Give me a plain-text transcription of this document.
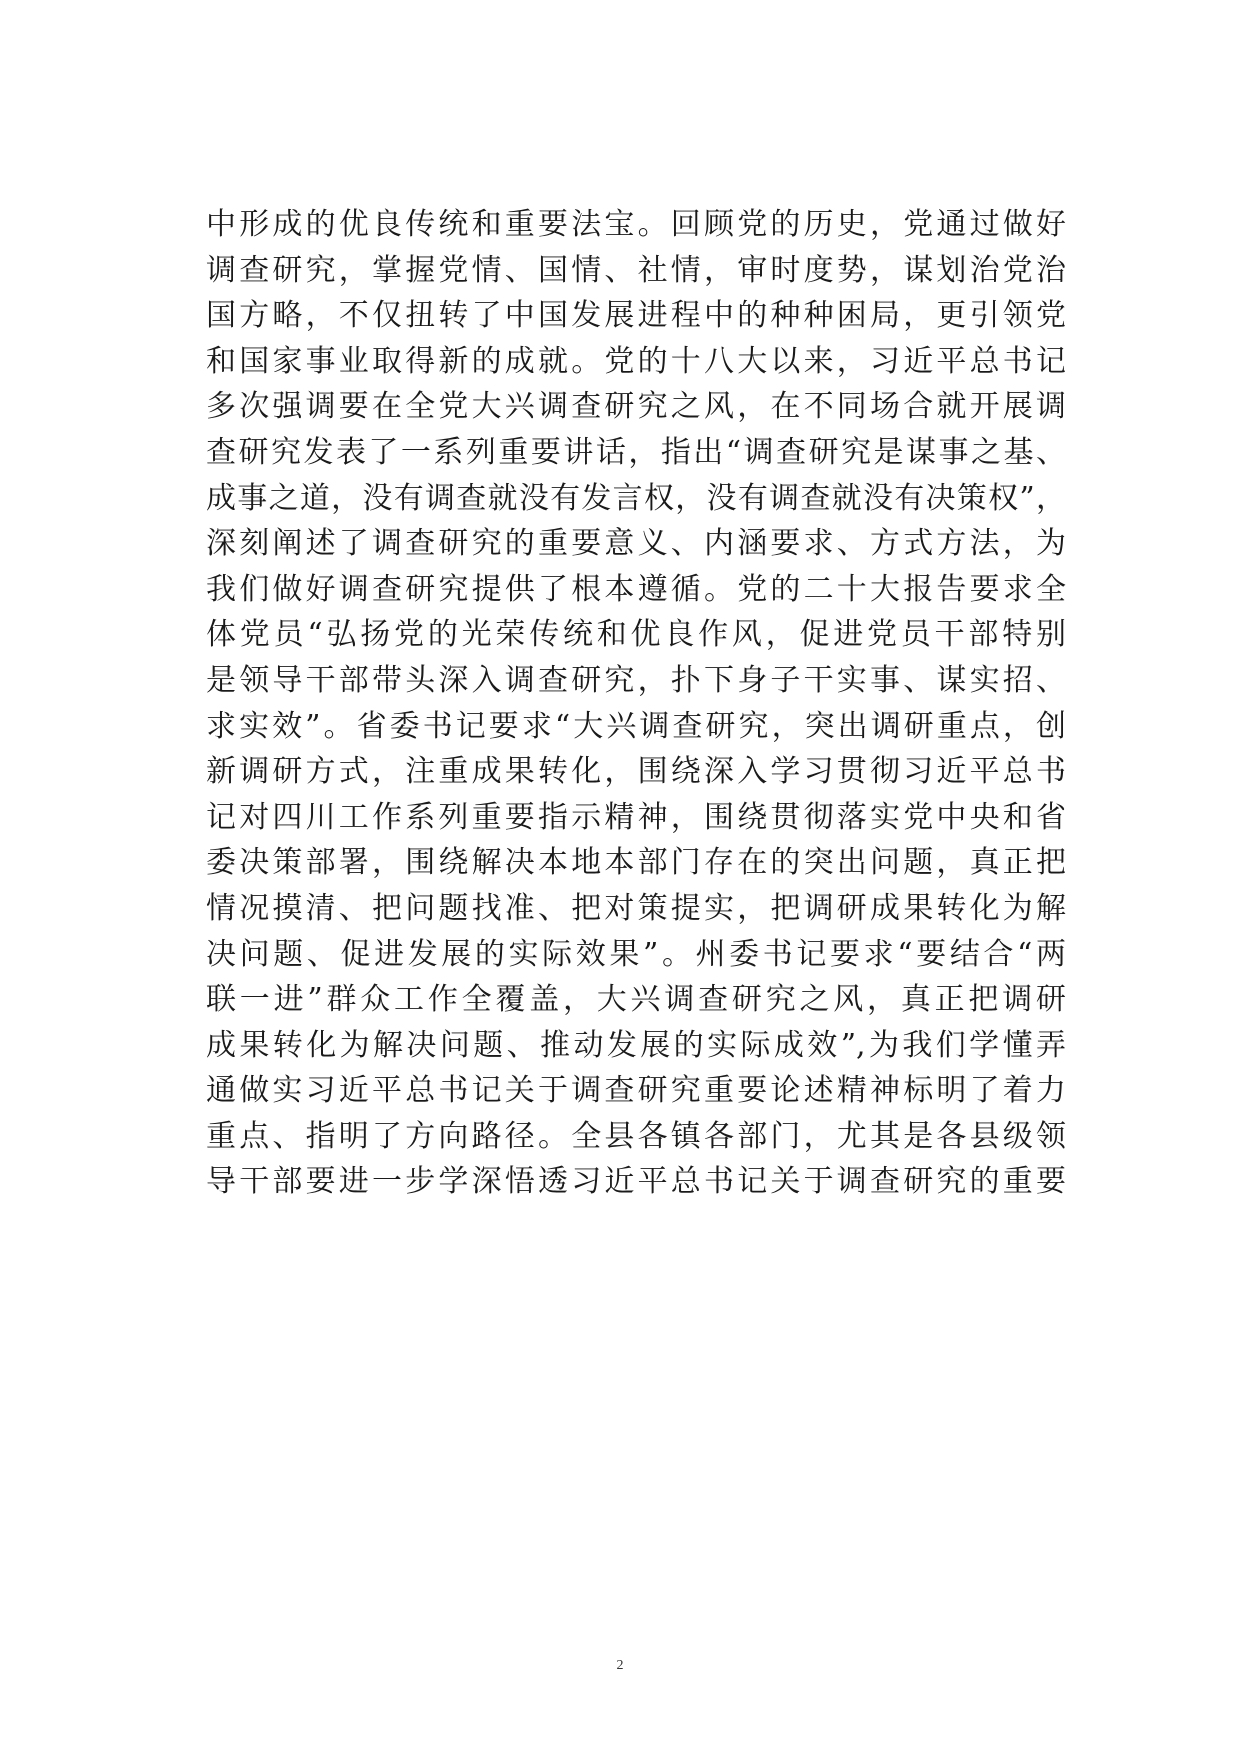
中形成的优良传统和重要法宝。回顾党的历史，党通过做好
调查研究，掌握党情、国情、社情，审时度势，谋划治党治
国方略，不仅扭转了中国发展进程中的种种困局，更引领党
和国家事业取得新的成就。党的十八大以来，习近平总书记
多次强调要在全党大兴调查研究之风，在不同场合就开展调
查研究发表了一系列重要讲话，指出“调查研究是谋事之基、
成事之道，没有调查就没有发言权，没有调查就没有决策权”，
深刻阐述了调查研究的重要意义、内涵要求、方式方法，为
我们做好调查研究提供了根本遵循。党的二十大报告要求全
体党员“弘扬党的光荣传统和优良作风，促进党员干部特别
是领导干部带头深入调查研究，扑下身子干实事、谋实招、
求实效”。省委书记要求“大兴调查研究，突出调研重点，创
新调研方式，注重成果转化，围绕深入学习贯彻习近平总书
记对四川工作系列重要指示精神，围绕贯彻落实党中央和省
委决策部署，围绕解决本地本部门存在的突出问题，真正把
情况摸清、把问题找准、把对策提实，把调研成果转化为解
决问题、促进发展的实际效果”。州委书记要求“要结合“两
联一进”群众工作全覆盖，大兴调查研究之风，真正把调研
成果转化为解决问题、推动发展的实际成效”,为我们学懂弄
通做实习近平总书记关于调查研究重要论述精神标明了着力
重点、指明了方向路径。全县各镇各部门，尤其是各县级领
导干部要进一步学深悟透习近平总书记关于调查研究的重要
2
